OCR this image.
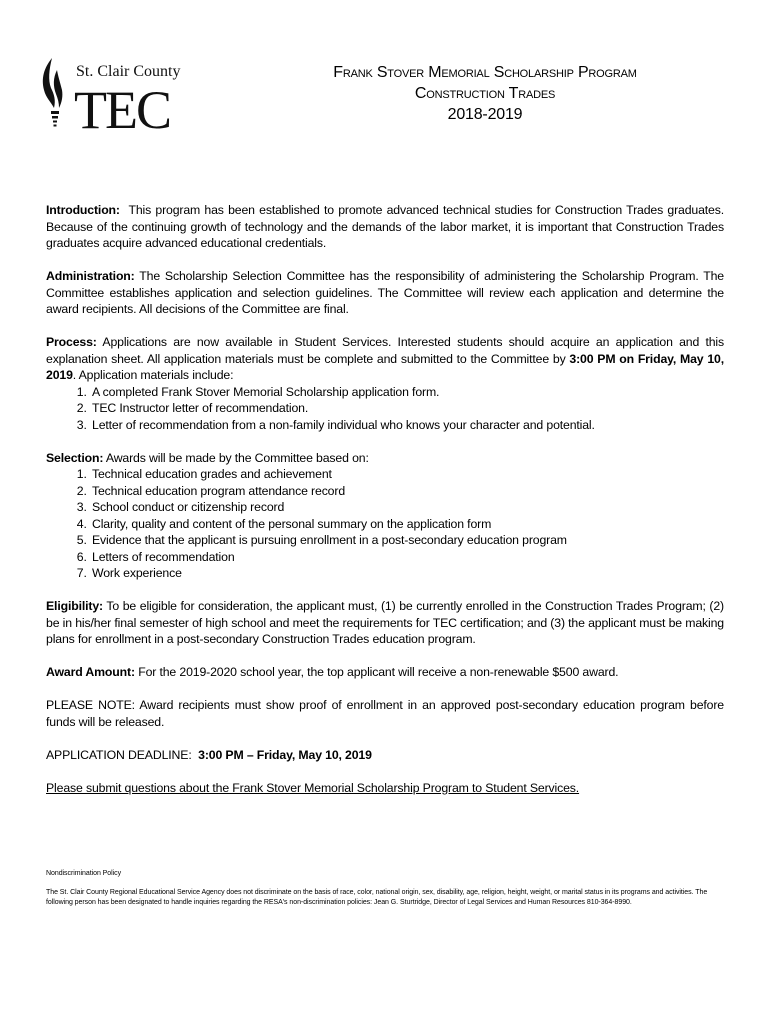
St. Clair County
TEC
Frank Stover Memorial Scholarship Program
Construction Trades
2018-2019

Introduction: This program has been established to promote advanced technical studies for Construction Trades graduates. Because of the continuing growth of technology and the demands of the labor market, it is important that Construction Trades graduates acquire advanced educational credentials.

Administration: The Scholarship Selection Committee has the responsibility of administering the Scholarship Program. The Committee establishes application and selection guidelines. The Committee will review each application and determine the award recipients. All decisions of the Committee are final.

Process: Applications are now available in Student Services. Interested students should acquire an application and this explanation sheet. All application materials must be complete and submitted to the Committee by 3:00 PM on Friday, May 10, 2019. Application materials include:

1. A completed Frank Stover Memorial Scholarship application form.
2. TEC Instructor letter of recommendation.
3. Letter of recommendation from a non-family individual who knows your character and potential.

Selection: Awards will be made by the Committee based on:

1. Technical education grades and achievement
2. Technical education program attendance record
3. School conduct or citizenship record
4. Clarity, quality and content of the personal summary on the application form
5. Evidence that the applicant is pursuing enrollment in a post-secondary education program
6. Letters of recommendation
7. Work experience

Eligibility: To be eligible for consideration, the applicant must, (1) be currently enrolled in the Construction Trades Program; (2) be in his/her final semester of high school and meet the requirements for TEC certification; and (3) the applicant must be making plans for enrollment in a post-secondary Construction Trades education program.

Award Amount: For the 2019-2020 school year, the top applicant will receive a non-renewable $500 award.

PLEASE NOTE: Award recipients must show proof of enrollment in an approved post-secondary education program before funds will be released.

APPLICATION DEADLINE: 3:00 PM – Friday, May 10, 2019

Please submit questions about the Frank Stover Memorial Scholarship Program to Student Services.

Nondiscrimination Policy
The St. Clair County Regional Educational Service Agency does not discriminate on the basis of race, color, national origin, sex, disability, age, religion, height, weight, or marital status in its programs and activities. The following person has been designated to handle inquiries regarding the RESA's non-discrimination policies: Jean G. Sturtridge, Director of Legal Services and Human Resources 810-364-8990.
